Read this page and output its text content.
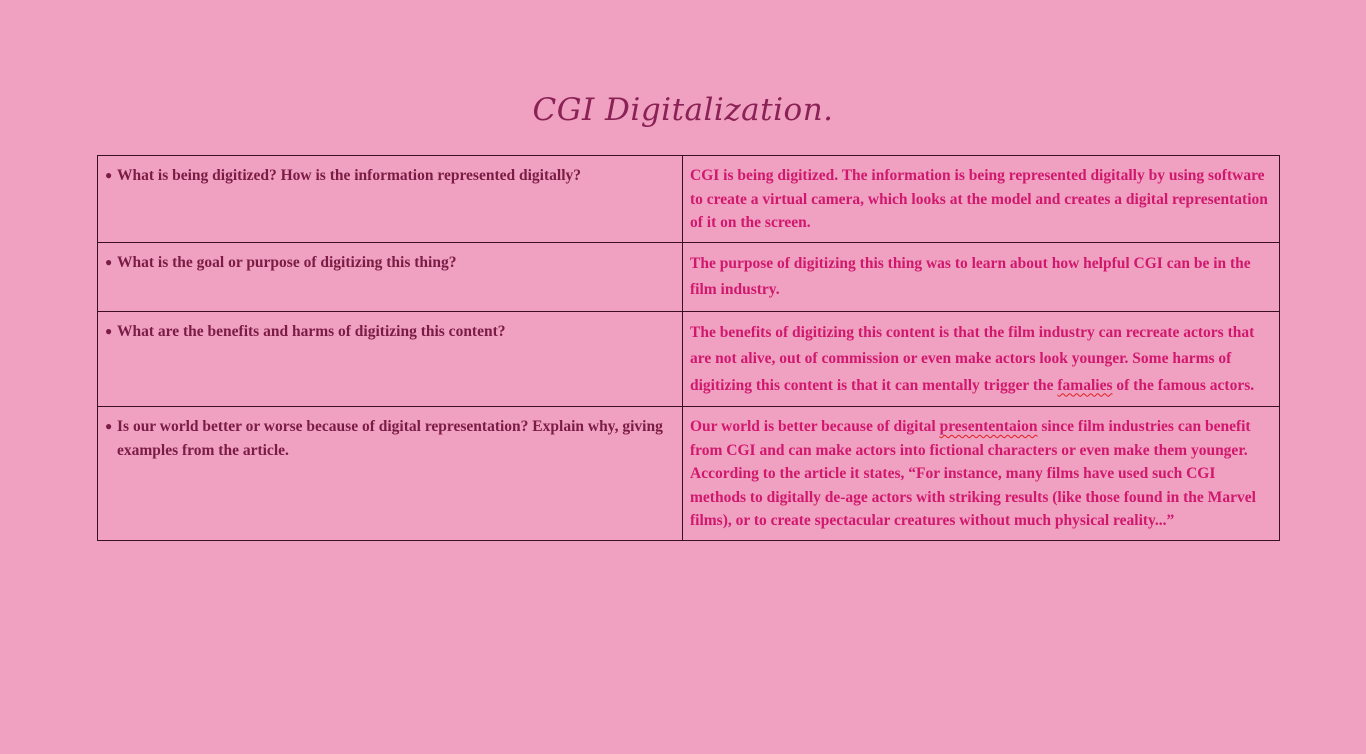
CGI Digitalization.
● What is being digitized? How is the information represented digitally?	CGI is being digitized. The information is being represented digitally by using software to create a virtual camera, which looks at the model and creates a digital representation of it on the screen.

● What is the goal or purpose of digitizing this thing?	The purpose of digitizing this thing was to learn about how helpful CGI can be in the film industry.

● What are the benefits and harms of digitizing this content?	The benefits of digitizing this content is that the film industry can recreate actors that are not alive, out of commission or even make actors look younger. Some harms of digitizing this content is that it can mentally trigger the famalies of the famous actors.

● Is our world better or worse because of digital representation? Explain why, giving examples from the article.	Our world is better because of digital presententaion since film industries can benefit from CGI and can make actors into fictional characters or even make them younger. According to the article it states, “For instance, many films have used such CGI methods to digitally de-age actors with striking results (like those found in the Marvel films), or to create spectacular creatures without much physical reality...”
